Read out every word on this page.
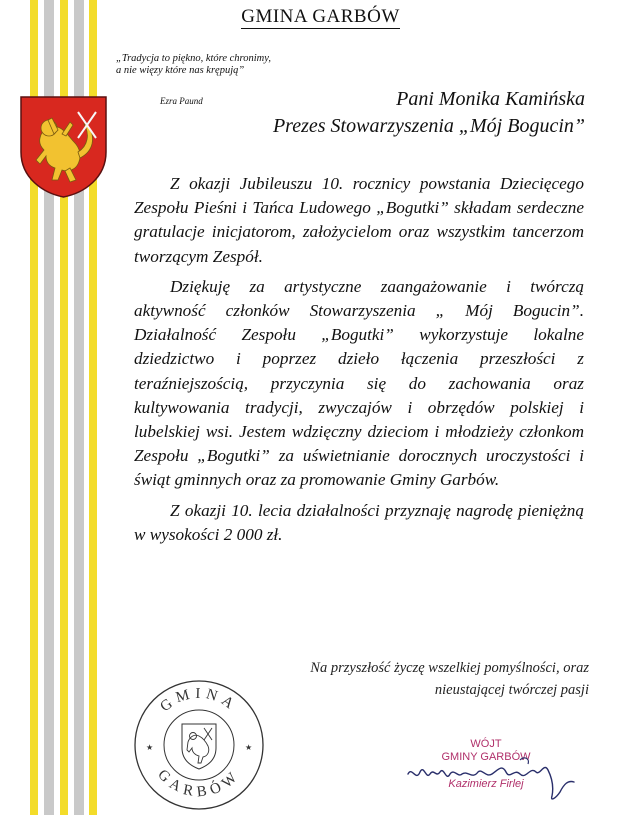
GMINA GARBÓW
„Tradycja to piękno, które chronimy,
a nie więzy które nas krępują”
Ezra Paund	Pani Monika Kamińska
Prezes Stowarzyszenia „Mój Bogucin”

Z okazji Jubileuszu 10. rocznicy powstania Dziecięcego Zespołu Pieśni i Tańca Ludowego „Bogutki” składam serdeczne gratulacje inicjatorom, założycielom oraz wszystkim tancerzom tworzącym Zespół.

Dziękuję za artystyczne zaangażowanie i twórczą aktywność członków Stowarzyszenia „ Mój Bogucin”. Działalność Zespołu „Bogutki” wykorzystuje lokalne dziedzictwo i poprzez dzieło łączenia przeszłości z teraźniejszością, przyczynia się do zachowania oraz kultywowania tradycji, zwyczajów i obrzędów polskiej i lubelskiej wsi. Jestem wdzięczny dzieciom i młodzieży członkom Zespołu „Bogutki” za uświetnianie dorocznych uroczystości i świąt gminnych oraz za promowanie Gminy Garbów.

Z okazji 10. lecia działalności przyznaję nagrodę pieniężną w wysokości 2 000 zł.

Na przyszłość życzę wszelkiej pomyślności, oraz
nieustającej twórczej pasji
GMINA
GARBÓW
★	★	WÓJT
GMINY GARBÓW
Kazimierz Firlej
